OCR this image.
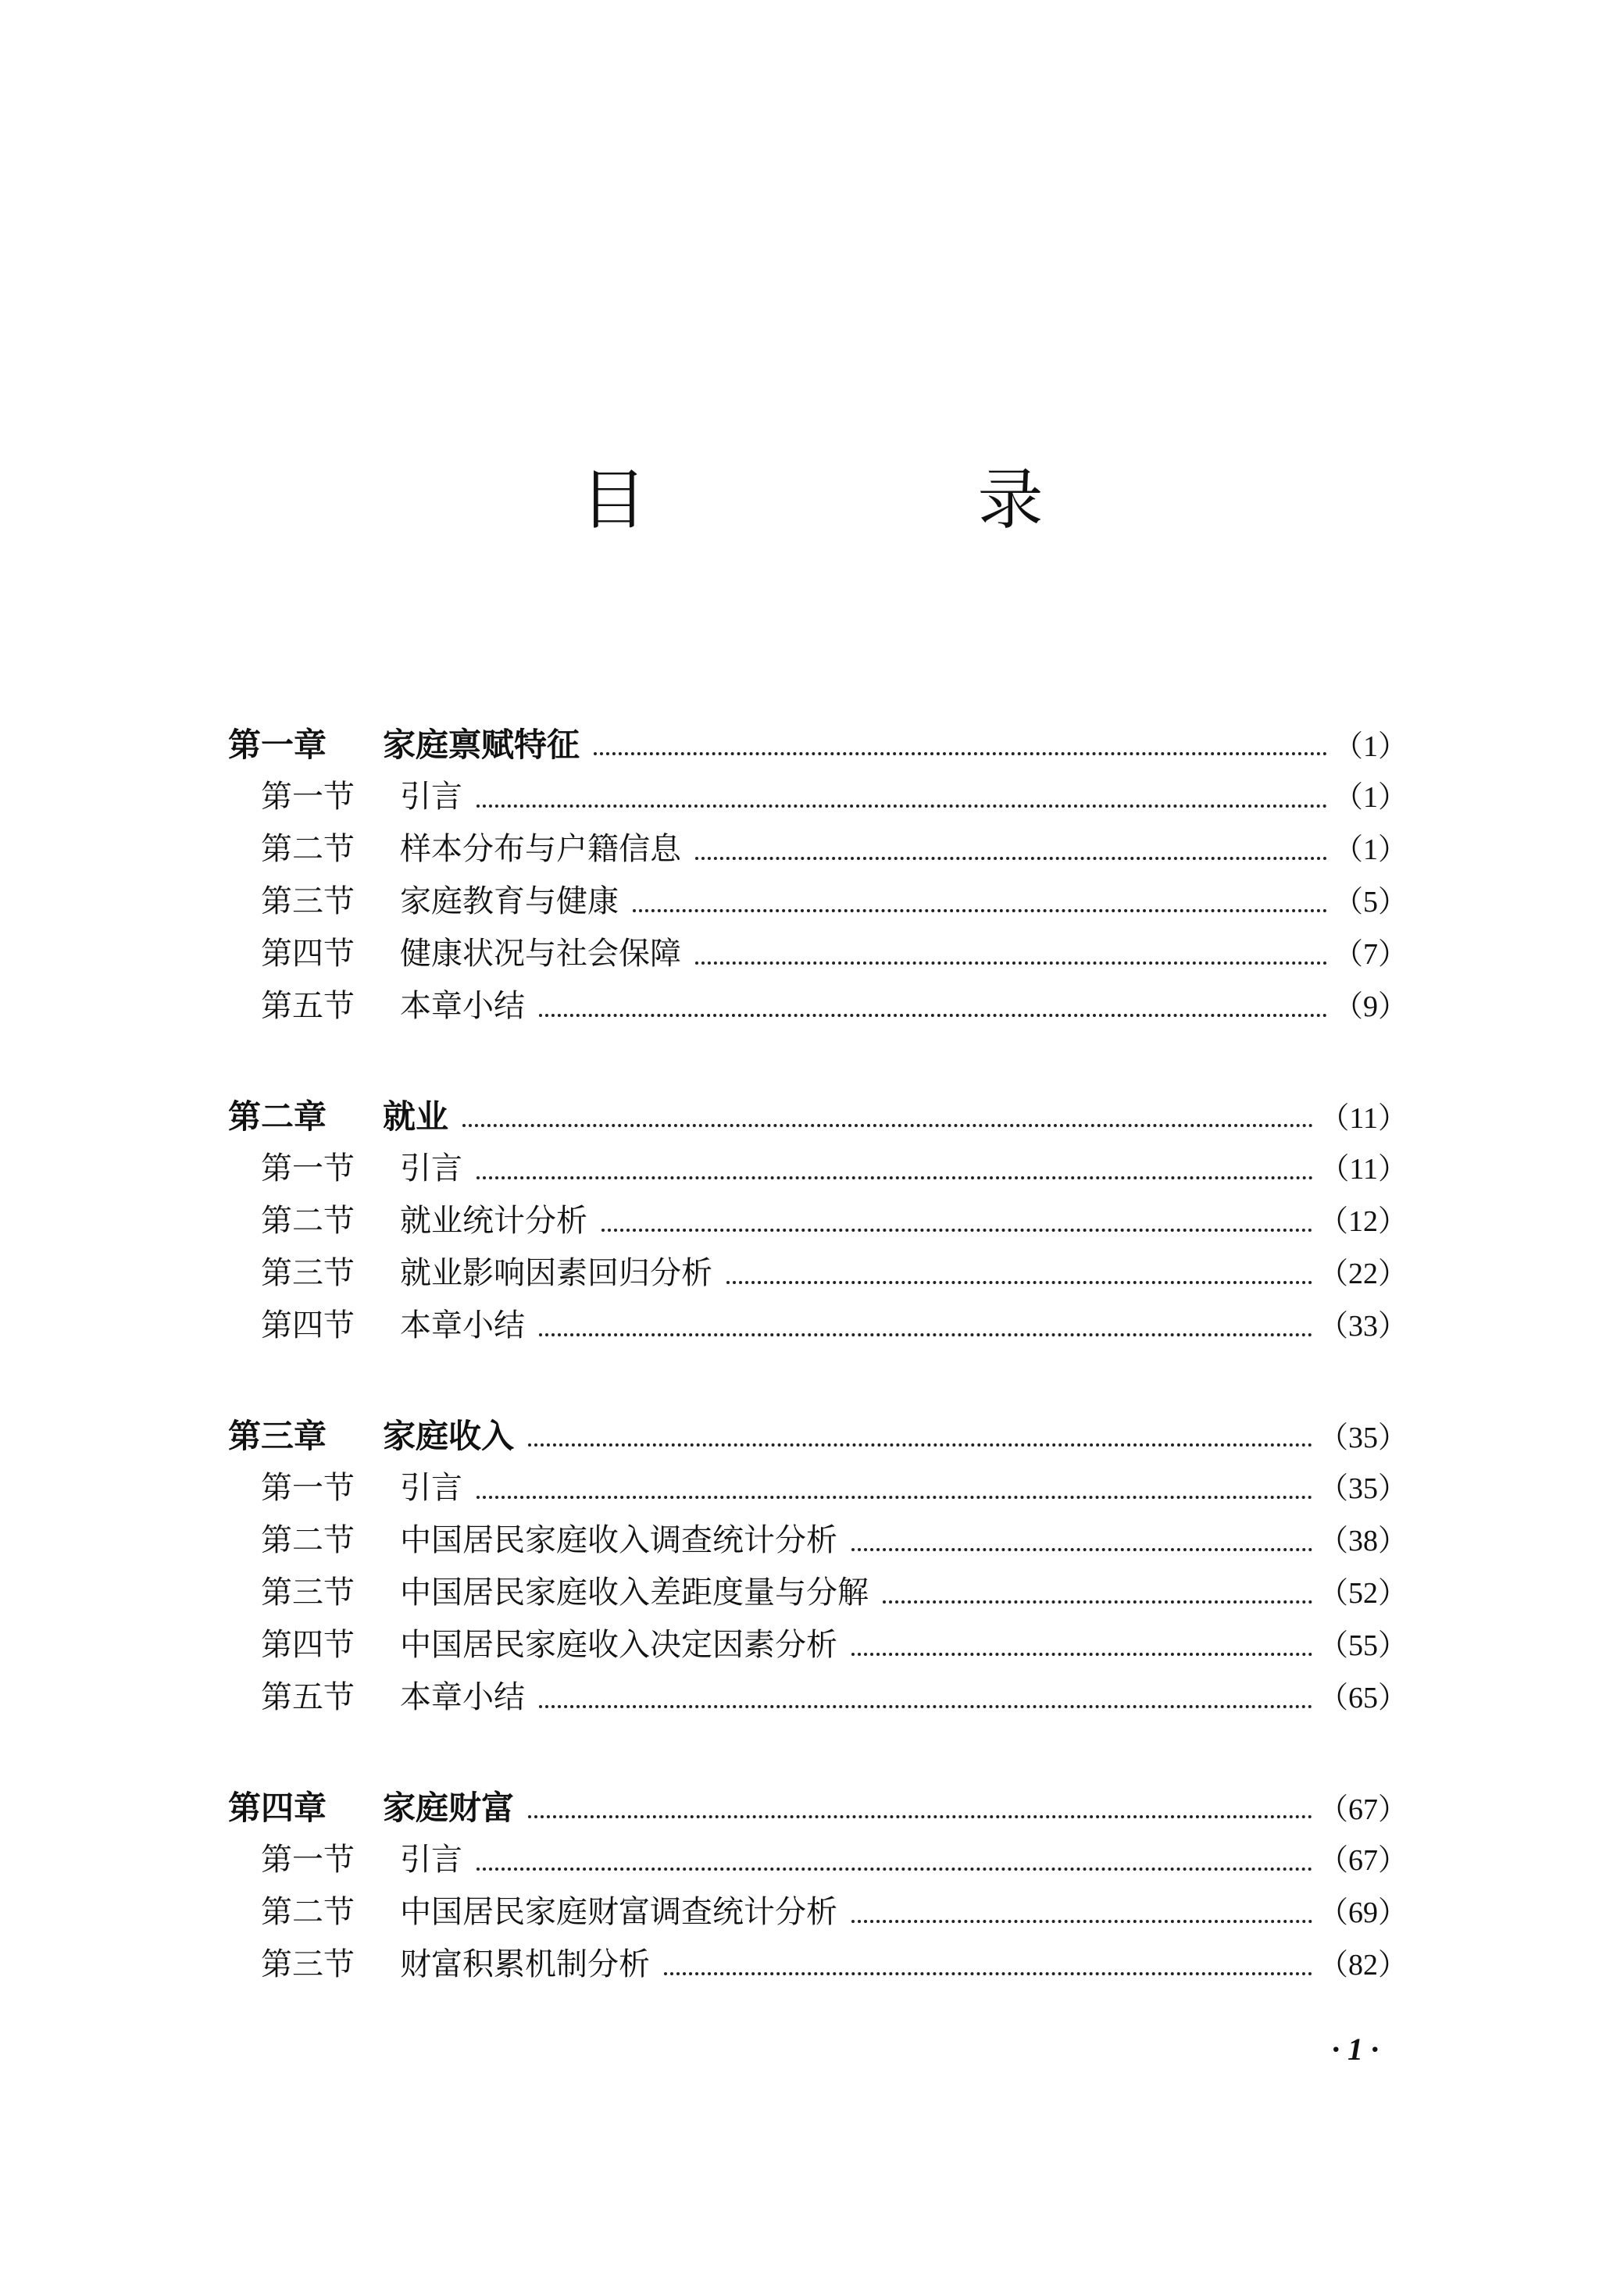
目　录
第一章	家庭禀赋特征	（1）
第一节	引言	（1）
第二节	样本分布与户籍信息	（1）
第三节	家庭教育与健康	（5）
第四节	健康状况与社会保障	（7）
第五节	本章小结	（9）
第二章	就业	（11）
第一节	引言	（11）
第二节	就业统计分析	（12）
第三节	就业影响因素回归分析	（22）
第四节	本章小结	（33）
第三章	家庭收入	（35）
第一节	引言	（35）
第二节	中国居民家庭收入调查统计分析	（38）
第三节	中国居民家庭收入差距度量与分解	（52）
第四节	中国居民家庭收入决定因素分析	（55）
第五节	本章小结	（65）
第四章	家庭财富	（67）
第一节	引言	（67）
第二节	中国居民家庭财富调查统计分析	（69）
第三节	财富积累机制分析	（82）
· 1 ·
